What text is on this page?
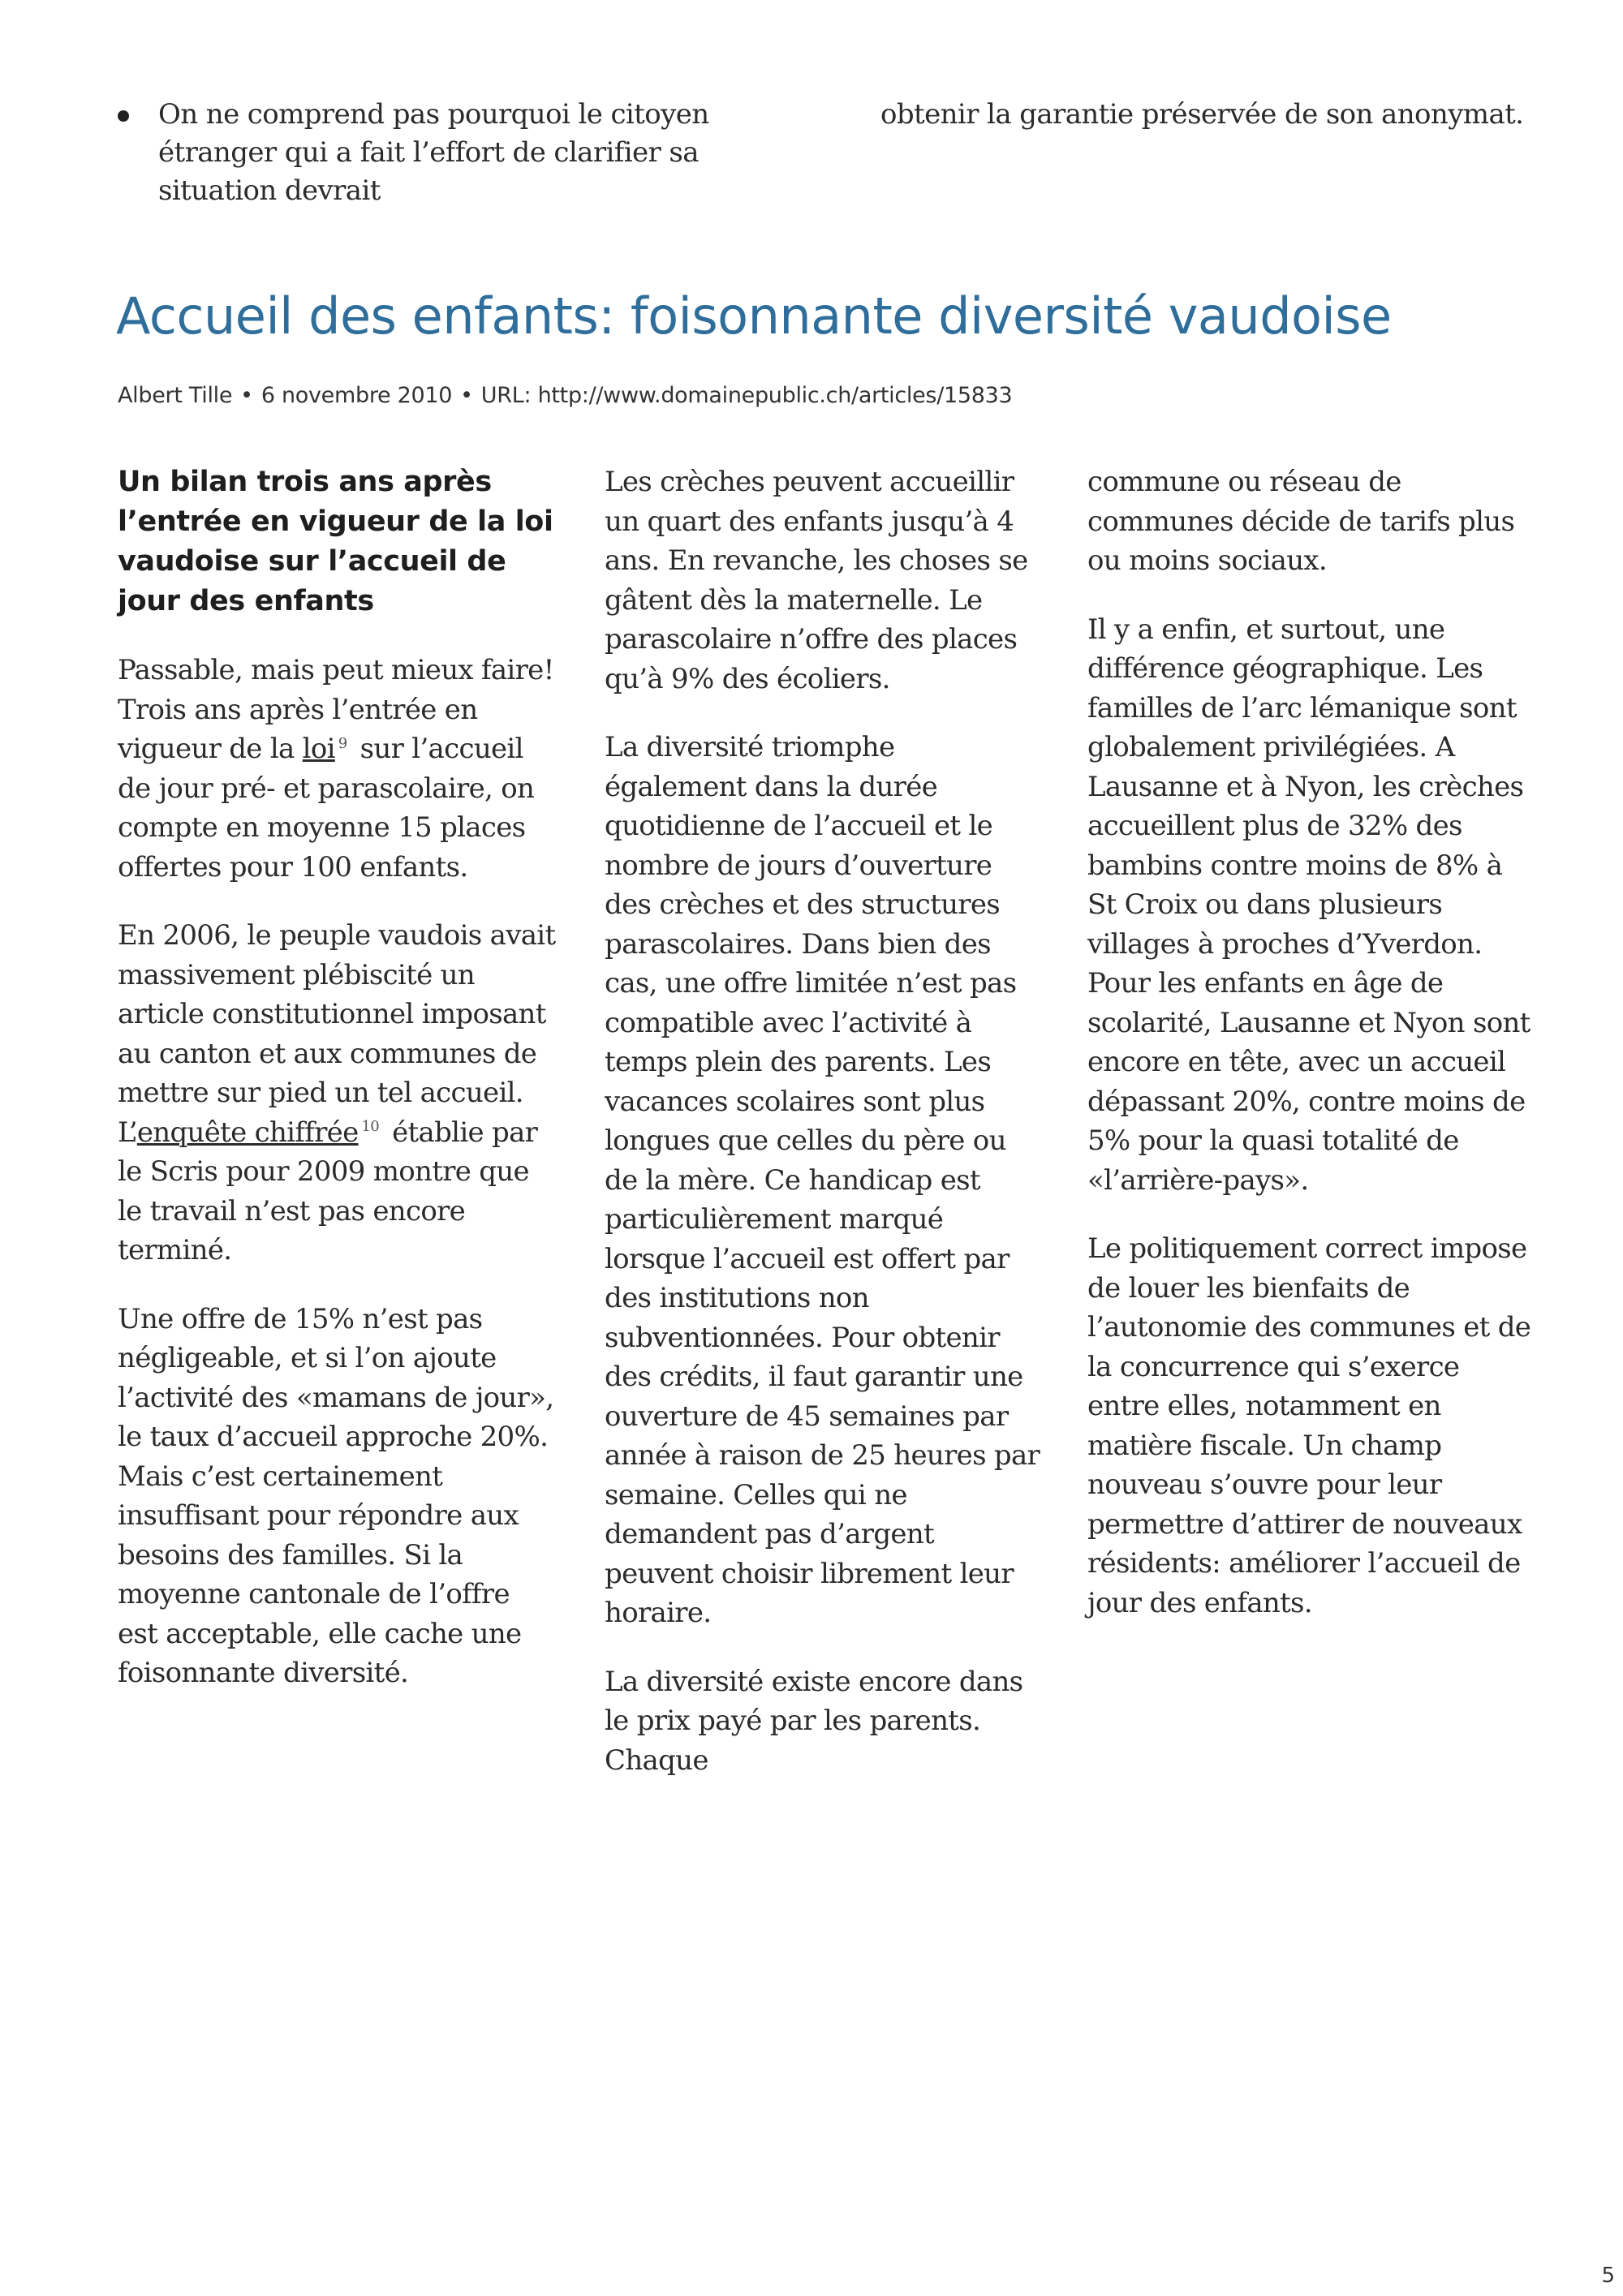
On ne comprend pas pourquoi le citoyen étranger qui a fait l’effort de clarifier sa situation devrait
obtenir la garantie préservée de son anonymat.
Accueil des enfants: foisonnante diversité vaudoise
Albert Tille • 6 novembre 2010 • URL: http://www.domainepublic.ch/articles/15833

Un bilan trois ans après l’entrée en vigueur de la loi vaudoise sur l’accueil de jour des enfants

Passable, mais peut mieux faire! Trois ans après l’entrée en vigueur de la loi $^9$ sur l’accueil de jour pré- et parascolaire, on compte en moyenne 15 places offertes pour 100 enfants.

En 2006, le peuple vaudois avait massivement plébiscité un article constitutionnel imposant au canton et aux communes de mettre sur pied un tel accueil. L’enquête chiffrée $^{10}$ établie par le Scris pour 2009 montre que le travail n’est pas encore terminé.

Une offre de 15% n’est pas négligeable, et si l’on ajoute l’activité des «mamans de jour», le taux d’accueil approche 20%. Mais c’est certainement insuffisant pour répondre aux besoins des familles. Si la moyenne cantonale de l’offre est acceptable, elle cache une foisonnante diversité.

Les crèches peuvent accueillir un quart des enfants jusqu’à 4 ans. En revanche, les choses se gâtent dès la maternelle. Le parascolaire n’offre des places qu’à 9% des écoliers.

La diversité triomphe également dans la durée quotidienne de l’accueil et le nombre de jours d’ouverture des crèches et des structures parascolaires. Dans bien des cas, une offre limitée n’est pas compatible avec l’activité à temps plein des parents. Les vacances scolaires sont plus longues que celles du père ou de la mère. Ce handicap est particulièrement marqué lorsque l’accueil est offert par des institutions non subventionnées. Pour obtenir des crédits, il faut garantir une ouverture de 45 semaines par année à raison de 25 heures par semaine. Celles qui ne demandent pas d’argent peuvent choisir librement leur horaire.

La diversité existe encore dans le prix payé par les parents. Chaque

commune ou réseau de communes décide de tarifs plus ou moins sociaux.

Il y a enfin, et surtout, une différence géographique. Les familles de l’arc lémanique sont globalement privilégiées. A Lausanne et à Nyon, les crèches accueillent plus de 32% des bambins contre moins de 8% à St Croix ou dans plusieurs villages à proches d’Yverdon. Pour les enfants en âge de scolarité, Lausanne et Nyon sont encore en tête, avec un accueil dépassant 20%, contre moins de 5% pour la quasi totalité de «l’arrière-pays».

Le politiquement correct impose de louer les bienfaits de l’autonomie des communes et de la concurrence qui s’exerce entre elles, notamment en matière fiscale. Un champ nouveau s’ouvre pour leur permettre d’attirer de nouveaux résidents: améliorer l’accueil de jour des enfants.

5
